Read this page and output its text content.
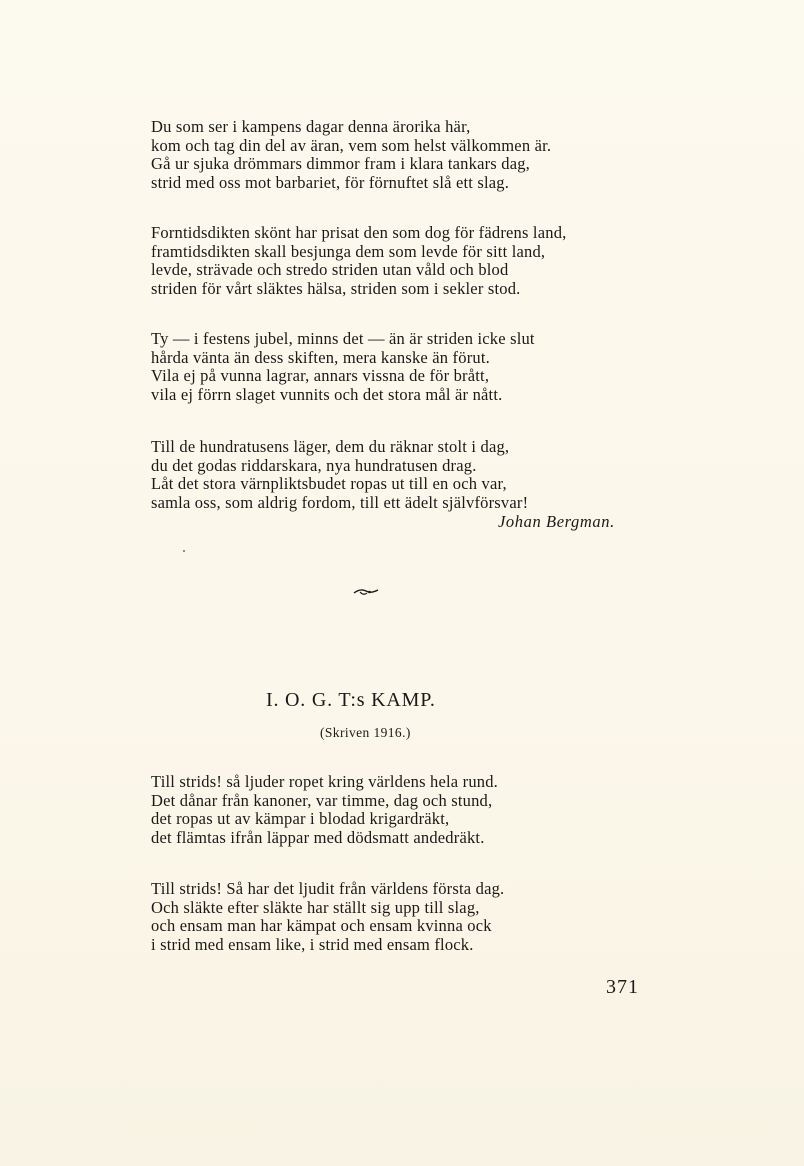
Du som ser i kampens dagar denna ärorika här,
kom och tag din del av äran, vem som helst välkommen är.
Gå ur sjuka drömmars dimmor fram i klara tankars dag,
strid med oss mot barbariet, för förnuftet slå ett slag.

Forntidsdikten skönt har prisat den som dog för fädrens land,
framtidsdikten skall besjunga dem som levde för sitt land,
levde, strävade och stredo striden utan våld och blod
striden för vårt släktes hälsa, striden som i sekler stod.

Ty — i festens jubel, minns det — än är striden icke slut
hårda vänta än dess skiften, mera kanske än förut.
Vila ej på vunna lagrar, annars vissna de för brått,
vila ej förrn slaget vunnits och det stora mål är nått.

Till de hundratusens läger, dem du räknar stolt i dag,
du det godas riddarskara, nya hundratusen drag.
Låt det stora värnpliktsbudet ropas ut till en och var,
samla oss, som aldrig fordom, till ett ädelt självförsvar!

Johan Bergman.
I. O. G. T:s KAMP.
(Skriven 1916.)

Till strids! så ljuder ropet kring världens hela rund.
Det dånar från kanoner, var timme, dag och stund,
det ropas ut av kämpar i blodad krigardräkt,
det flämtas ifrån läppar med dödsmatt andedräkt.

Till strids! Så har det ljudit från världens första dag.
Och släkte efter släkte har ställt sig upp till slag,
och ensam man har kämpat och ensam kvinna ock
i strid med ensam like, i strid med ensam flock.

371
